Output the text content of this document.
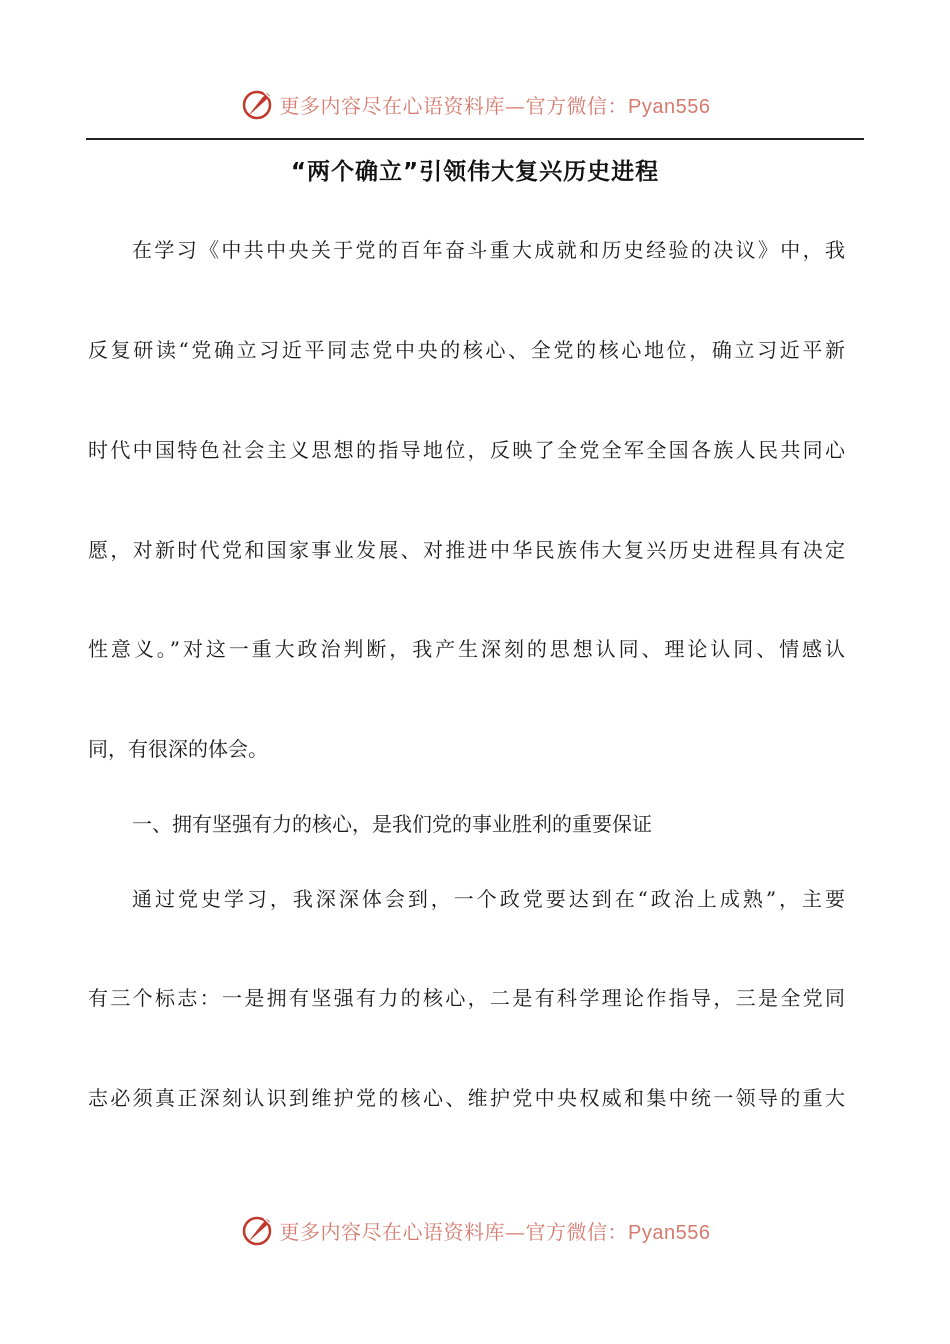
更多内容尽在心语资料库—官方微信：Pyan556
“两个确立”引领伟大复兴历史进程
在学习《中共中央关于党的百年奋斗重大成就和历史经验的决议》中，我
反复研读“党确立习近平同志党中央的核心、全党的核心地位，确立习近平新
时代中国特色社会主义思想的指导地位，反映了全党全军全国各族人民共同心
愿，对新时代党和国家事业发展、对推进中华民族伟大复兴历史进程具有决定
性意义。”对这一重大政治判断，我产生深刻的思想认同、理论认同、情感认
同，有很深的体会。
一、拥有坚强有力的核心，是我们党的事业胜利的重要保证
通过党史学习，我深深体会到，一个政党要达到在“政治上成熟”，主要
有三个标志：一是拥有坚强有力的核心，二是有科学理论作指导，三是全党同
志必须真正深刻认识到维护党的核心、维护党中央权威和集中统一领导的重大
更多内容尽在心语资料库—官方微信：Pyan556
